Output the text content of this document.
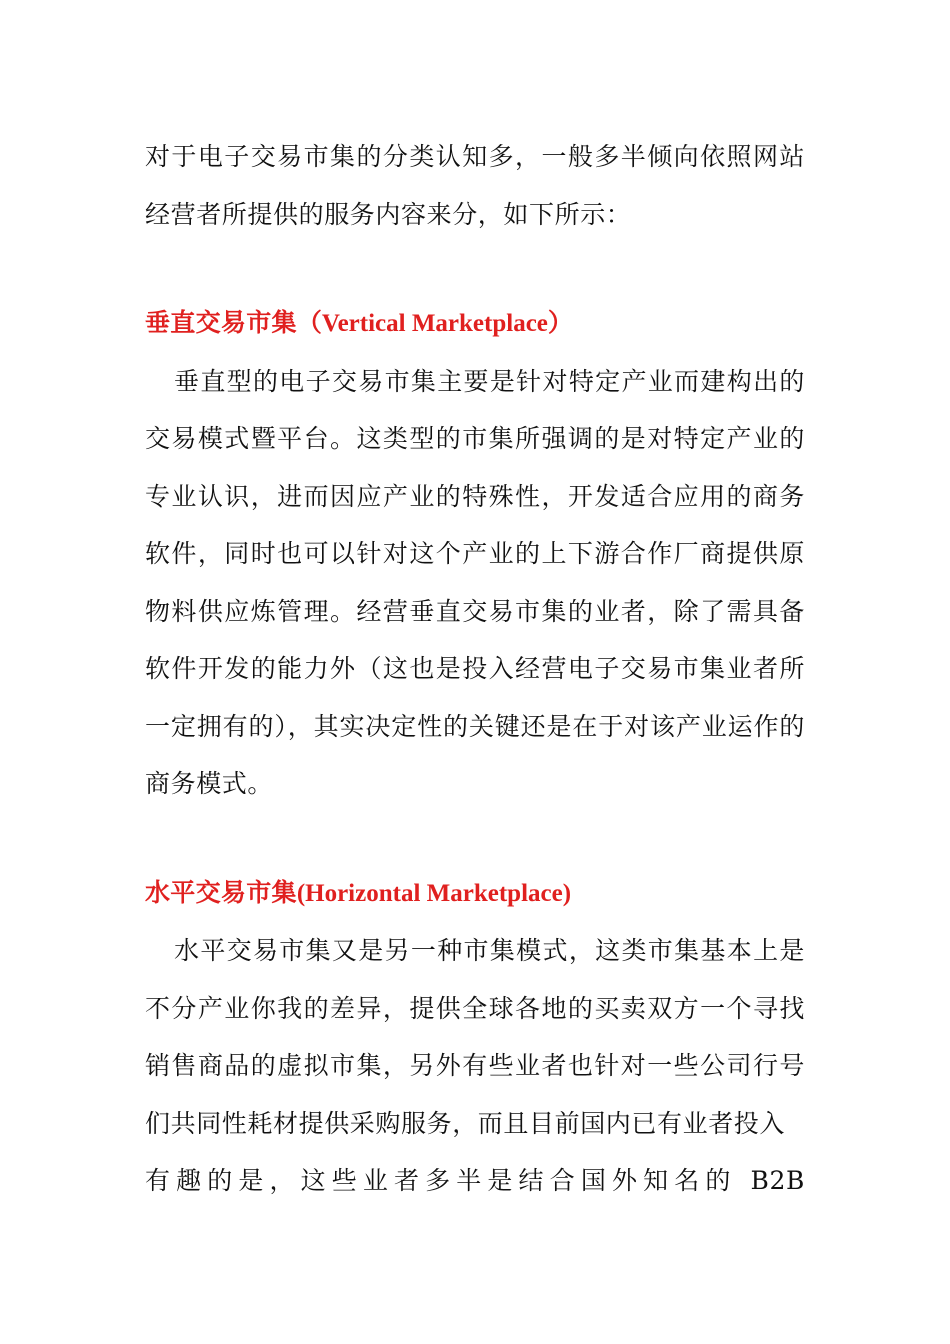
对于电子交易市集的分类认知多，一般多半倾向依照网站经营者所提供的服务内容来分，如下所示：

垂直交易市集（Vertical Marketplace）

垂直型的电子交易市集主要是针对特定产业而建构出的交易模式暨平台。这类型的市集所强调的是对特定产业的专业认识，进而因应产业的特殊性，开发适合应用的商务软件，同时也可以针对这个产业的上下游合作厂商提供原物料供应炼管理。经营垂直交易市集的业者，除了需具备软件开发的能力外（这也是投入经营电子交易市集业者所一定拥有的），其实决定性的关键还是在于对该产业运作的商务模式。

水平交易市集(Horizontal Marketplace)

水平交易市集又是另一种市集模式，这类市集基本上是不分产业你我的差异，提供全球各地的买卖双方一个寻找销售商品的虚拟市集，另外有些业者也针对一些公司行号们共同性耗材提供采购服务，而且目前国内已有业者投入

有趣的是，这些业者多半是结合国外知名的 B2B
